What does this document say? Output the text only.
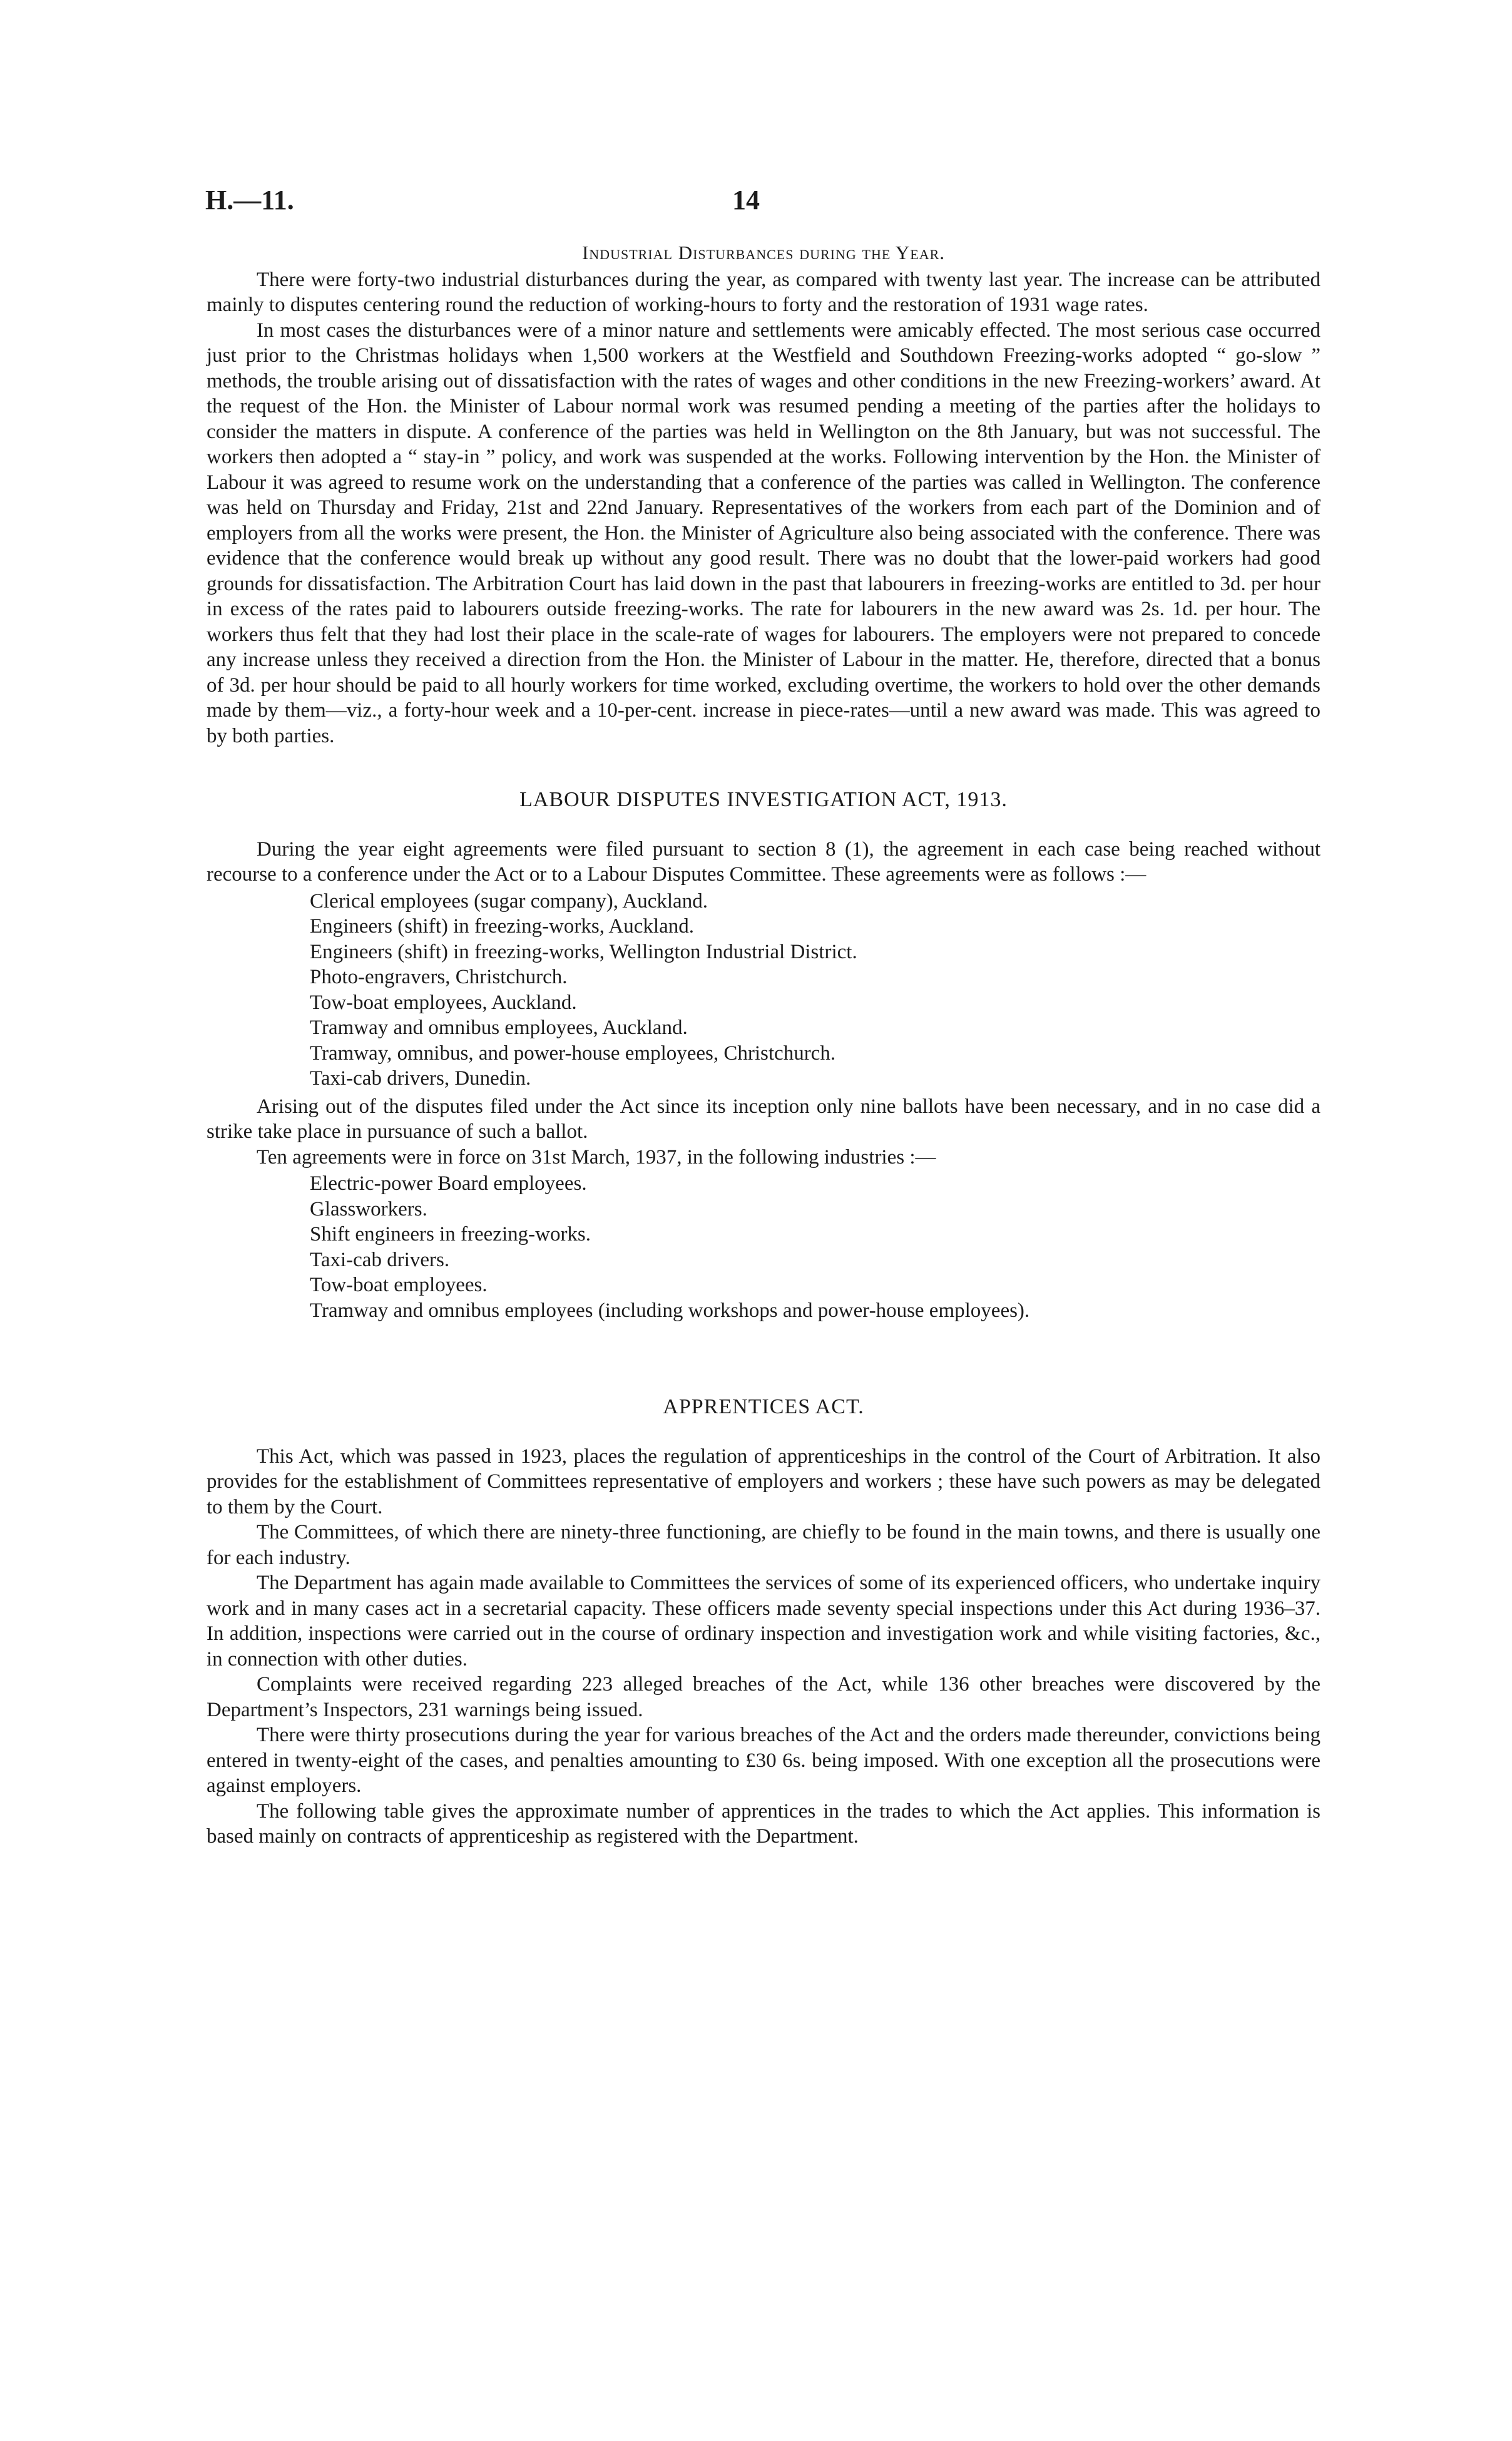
H.—11.	14
Industrial Disturbances during the Year.

There were forty-two industrial disturbances during the year, as compared with twenty last year. The increase can be attributed mainly to disputes centering round the reduction of working-hours to forty and the restoration of 1931 wage rates.

In most cases the disturbances were of a minor nature and settlements were amicably effected. The most serious case occurred just prior to the Christmas holidays when 1,500 workers at the Westfield and Southdown Freezing-works adopted “ go-slow ” methods, the trouble arising out of dissatisfaction with the rates of wages and other conditions in the new Freezing-workers’ award. At the request of the Hon. the Minister of Labour normal work was resumed pending a meeting of the parties after the holidays to consider the matters in dispute. A conference of the parties was held in Wellington on the 8th January, but was not successful. The workers then adopted a “ stay-in ” policy, and work was suspended at the works. Following intervention by the Hon. the Minister of Labour it was agreed to resume work on the understanding that a conference of the parties was called in Wellington. The conference was held on Thursday and Friday, 21st and 22nd January. Representatives of the workers from each part of the Dominion and of employers from all the works were present, the Hon. the Minister of Agriculture also being associated with the conference. There was evidence that the conference would break up without any good result. There was no doubt that the lower-paid workers had good grounds for dissatisfaction. The Arbitration Court has laid down in the past that labourers in freezing-works are entitled to 3d. per hour in excess of the rates paid to labourers outside freezing-works. The rate for labourers in the new award was 2s. 1d. per hour. The workers thus felt that they had lost their place in the scale-rate of wages for labourers. The employers were not prepared to concede any increase unless they received a direction from the Hon. the Minister of Labour in the matter. He, therefore, directed that a bonus of 3d. per hour should be paid to all hourly workers for time worked, excluding overtime, the workers to hold over the other demands made by them—viz., a forty-hour week and a 10-per-cent. increase in piece-rates—until a new award was made. This was agreed to by both parties.

LABOUR DISPUTES INVESTIGATION ACT, 1913.

During the year eight agreements were filed pursuant to section 8 (1), the agreement in each case being reached without recourse to a conference under the Act or to a Labour Disputes Committee. These agreements were as follows :—

Clerical employees (sugar company), Auckland.
Engineers (shift) in freezing-works, Auckland.
Engineers (shift) in freezing-works, Wellington Industrial District.
Photo-engravers, Christchurch.
Tow-boat employees, Auckland.
Tramway and omnibus employees, Auckland.
Tramway, omnibus, and power-house employees, Christchurch.
Taxi-cab drivers, Dunedin.

Arising out of the disputes filed under the Act since its inception only nine ballots have been necessary, and in no case did a strike take place in pursuance of such a ballot.

Ten agreements were in force on 31st March, 1937, in the following industries :—

Electric-power Board employees.
Glassworkers.
Shift engineers in freezing-works.
Taxi-cab drivers.
Tow-boat employees.
Tramway and omnibus employees (including workshops and power-house employees).
APPRENTICES ACT.

This Act, which was passed in 1923, places the regulation of apprenticeships in the control of the Court of Arbitration. It also provides for the establishment of Committees representative of employers and workers ; these have such powers as may be delegated to them by the Court.

The Committees, of which there are ninety-three functioning, are chiefly to be found in the main towns, and there is usually one for each industry.

The Department has again made available to Committees the services of some of its experienced officers, who undertake inquiry work and in many cases act in a secretarial capacity. These officers made seventy special inspections under this Act during 1936–37. In addition, inspections were carried out in the course of ordinary inspection and investigation work and while visiting factories, &c., in connection with other duties.

Complaints were received regarding 223 alleged breaches of the Act, while 136 other breaches were discovered by the Department’s Inspectors, 231 warnings being issued.

There were thirty prosecutions during the year for various breaches of the Act and the orders made thereunder, convictions being entered in twenty-eight of the cases, and penalties amounting to £30 6s. being imposed. With one exception all the prosecutions were against employers.

The following table gives the approximate number of apprentices in the trades to which the Act applies. This information is based mainly on contracts of apprenticeship as registered with the Department.
